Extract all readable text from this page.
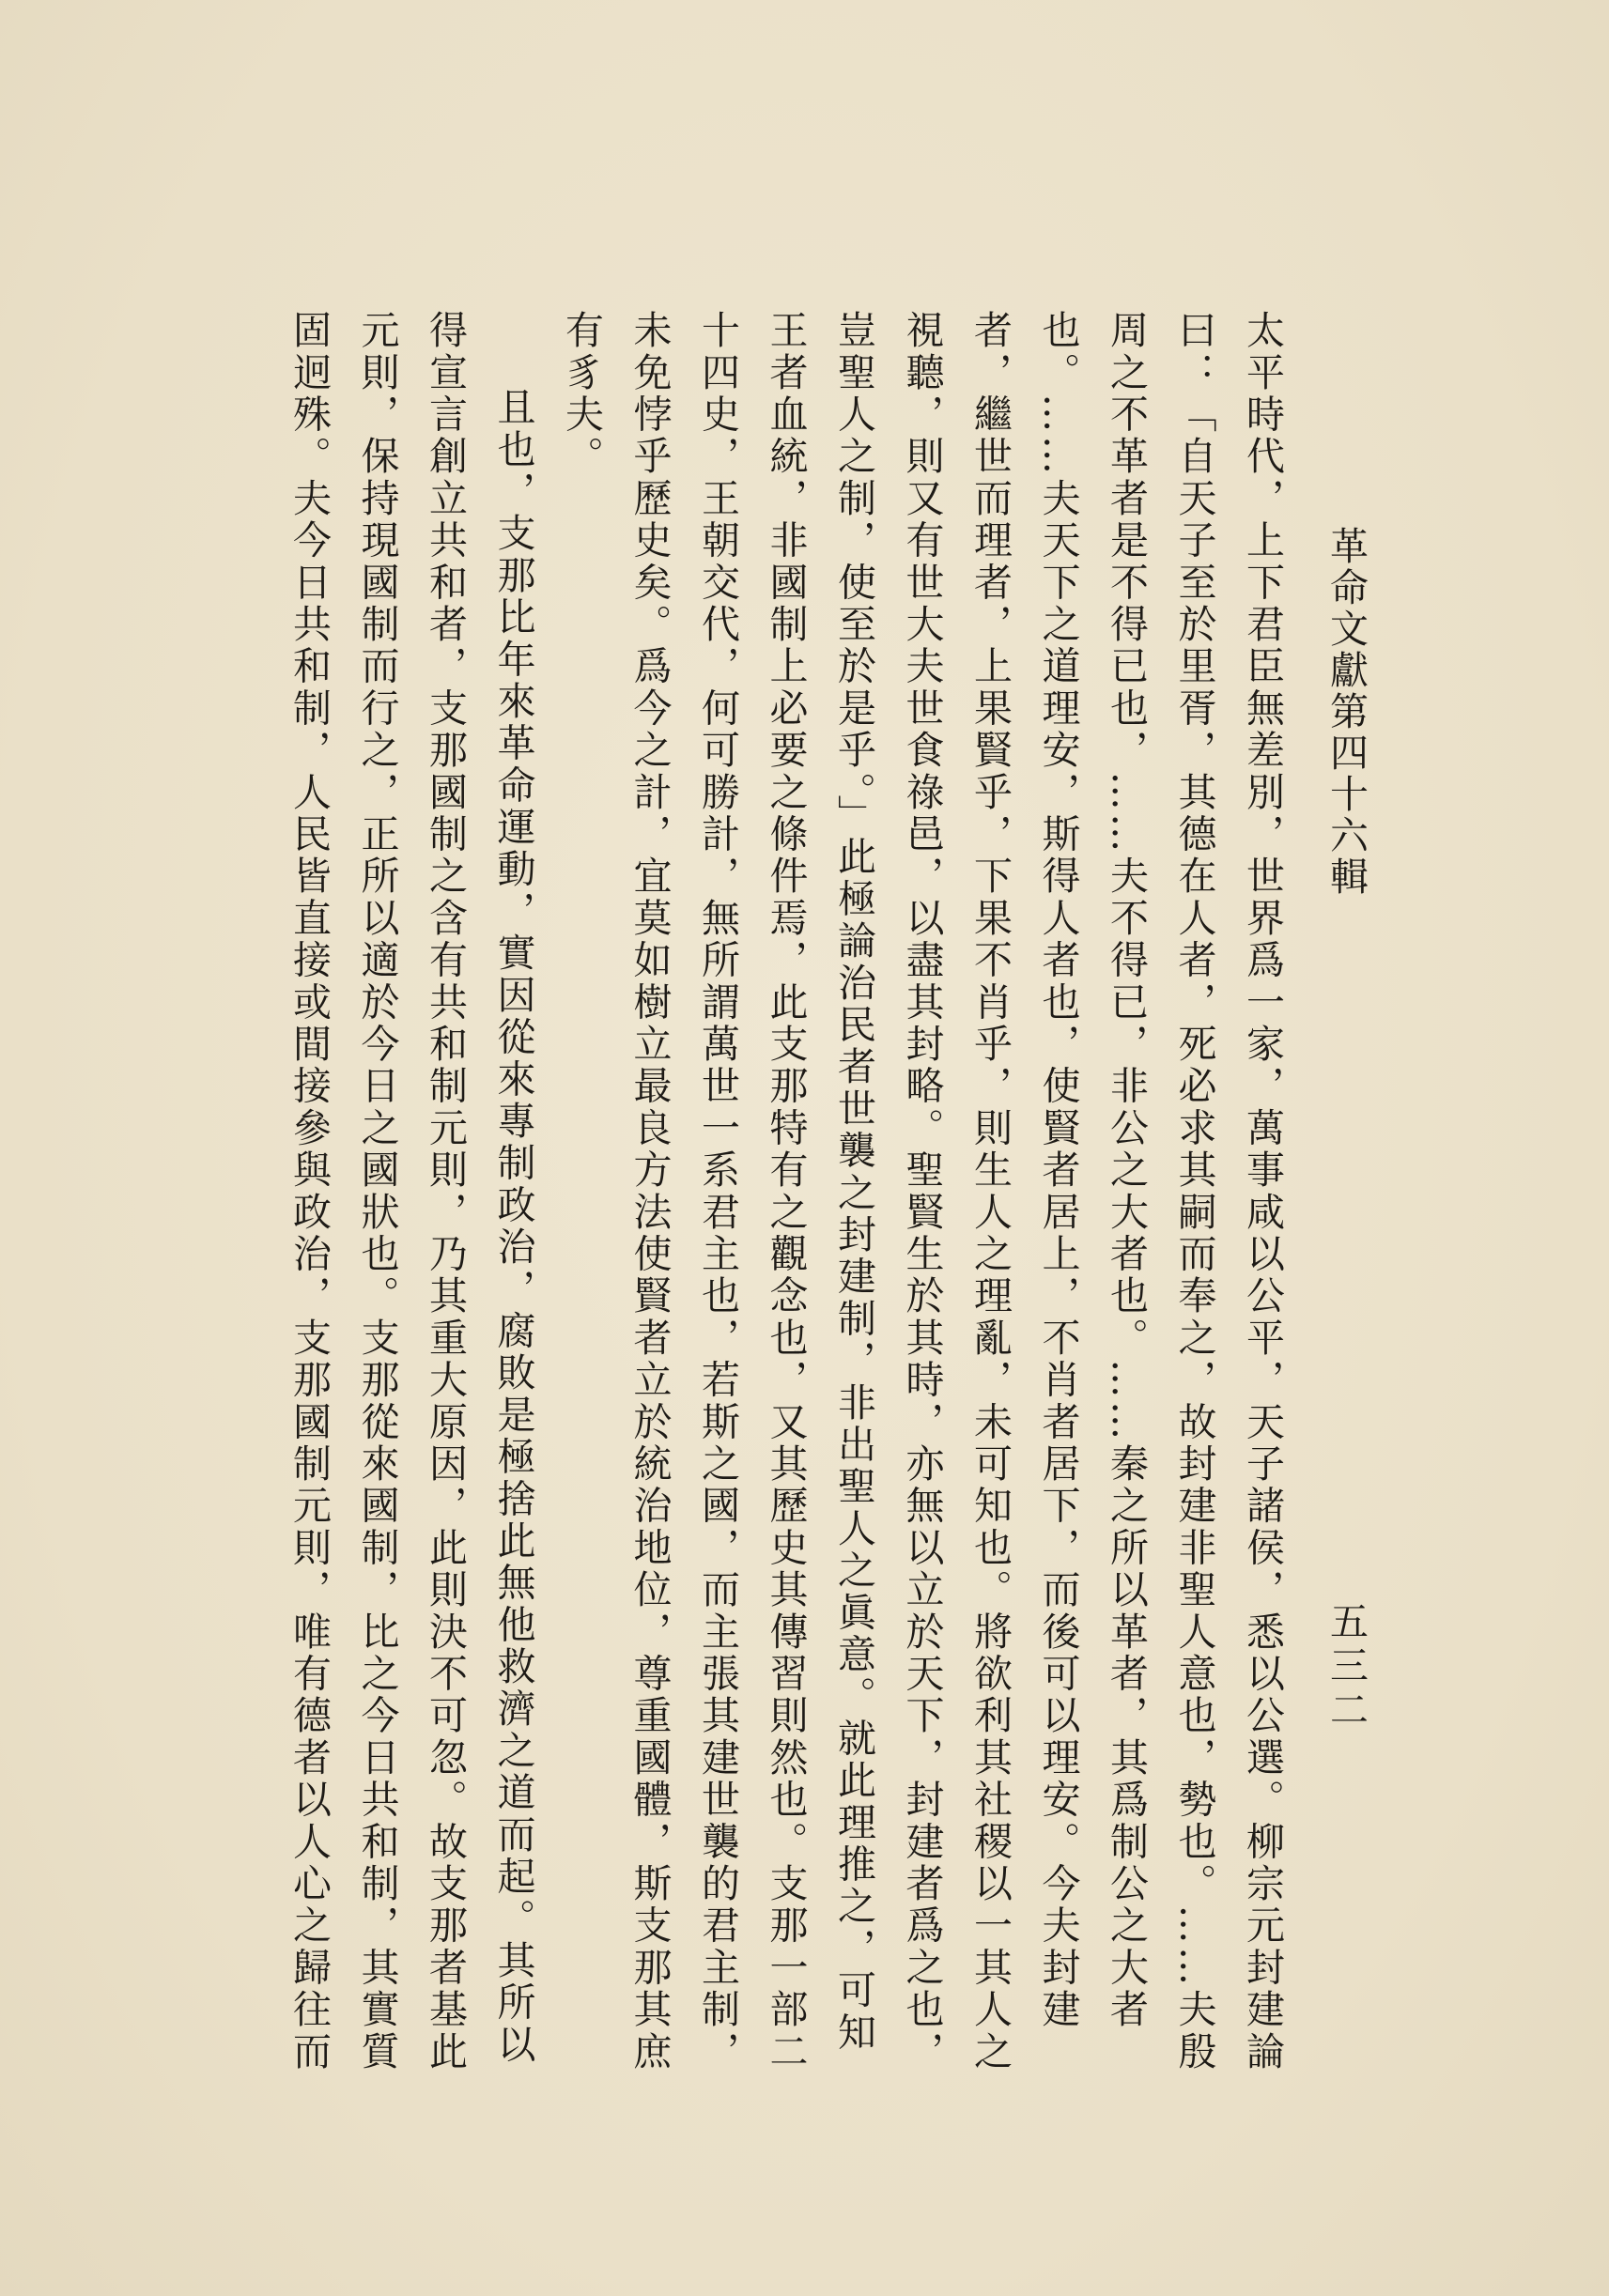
革命文獻第四十六輯
五三二

太平時代，上下君臣無差別，世界爲一家，萬事咸以公平，天子諸侯，悉以公選。柳宗元封建論曰：「自天子至於里胥，其德在人者，死必求其嗣而奉之，故封建非聖人意也，勢也。……夫殷周之不革者是不得已也，……夫不得已，非公之大者也。……秦之所以革者，其爲制公之大者也。……夫天下之道理安，斯得人者也，使賢者居上，不肖者居下，而後可以理安。今夫封建者，繼世而理者，上果賢乎，下果不肖乎，則生人之理亂，未可知也。將欲利其社稷以一其人之視聽，則又有世大夫世食祿邑，以盡其封略。聖賢生於其時，亦無以立於天下，封建者爲之也，豈聖人之制，使至於是乎。」此極論治民者世襲之封建制，非出聖人之眞意。就此理推之，可知王者血統，非國制上必要之條件焉，此支那特有之觀念也，又其歷史其傳習則然也。支那一部二十四史，王朝交代，何可勝計，無所謂萬世一系君主也，若斯之國，而主張其建世襲的君主制，未免悖乎歷史矣。爲今之計，宜莫如樹立最良方法使賢者立於統治地位，尊重國體，斯支那其庶有豸夫。

且也，支那比年來革命運動，實因從來專制政治，腐敗是極捨此無他救濟之道而起。其所以得宣言創立共和者，支那國制之含有共和制元則，乃其重大原因，此則決不可忽。故支那者基此元則，保持現國制而行之，正所以適於今日之國狀也。支那從來國制，比之今日共和制，其實質固迥殊。夫今日共和制，人民皆直接或間接參與政治，支那國制元則，唯有德者以人心之歸往而
